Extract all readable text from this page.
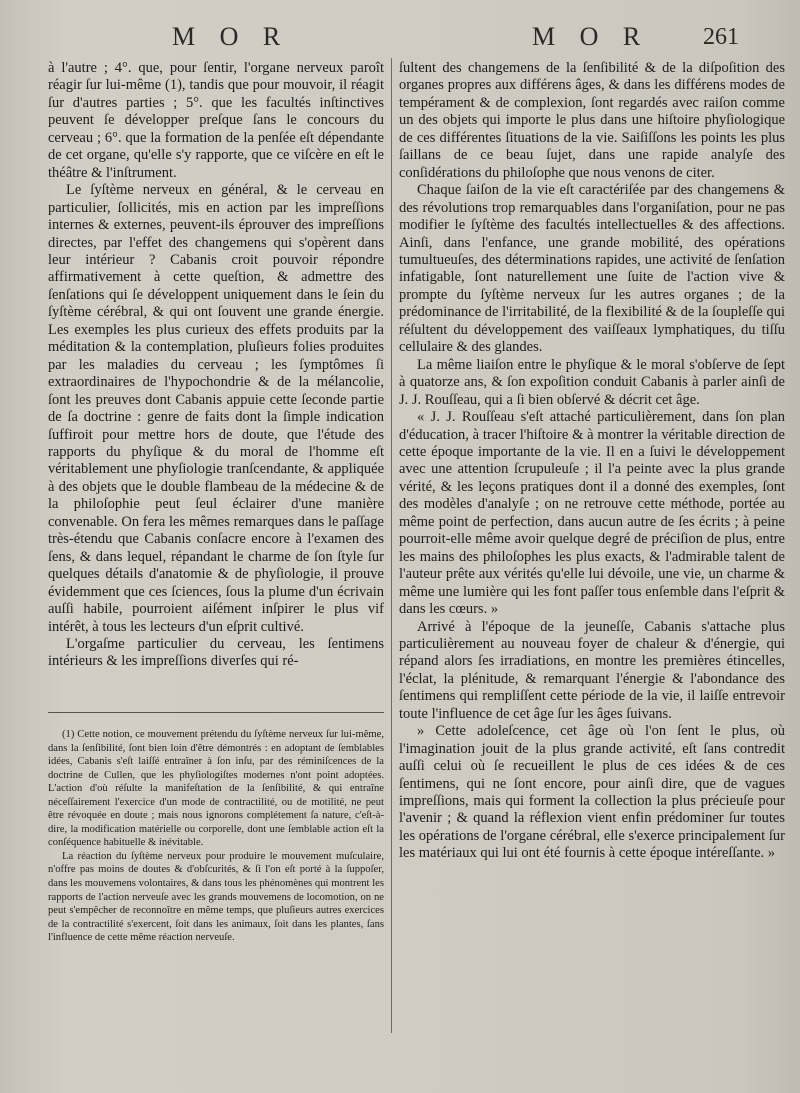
M O R	M O R 261

à l'autre ; 4°. que, pour ſentir, l'organe nerveux paroît réagir ſur lui-même (1), tandis que pour mouvoir, il réagit ſur d'autres parties ; 5°. que les facultés inſtinctives peuvent ſe développer preſque ſans le concours du cerveau ; 6°. que la formation de la penſée eſt dépendante de cet organe, qu'elle s'y rapporte, que ce viſcère en eſt le théâtre & l'inſtrument.

Le ſyſtème nerveux en général, & le cerveau en particulier, ſollicités, mis en action par les impreſſions internes & externes, peuvent-ils éprouver des impreſſions directes, par l'effet des changemens qui s'opèrent dans leur intérieur ? Cabanis croit pouvoir répondre affirmativement à cette queſtion, & admettre des ſenſations qui ſe développent uniquement dans le ſein du ſyſtème cérébral, & qui ont ſouvent une grande énergie. Les exemples les plus curieux des effets produits par la méditation & la contemplation, pluſieurs folies produites par les maladies du cerveau ; les ſymptômes ſi extraordinaires de l'hypochondrie & de la mélancolie, ſont les preuves dont Cabanis appuie cette ſeconde partie de ſa doctrine : genre de faits dont la ſimple indication ſuffiroit pour mettre hors de doute, que l'étude des rapports du phyſique & du moral de l'homme eſt véritablement une phyſiologie tranſcendante, & appliquée à des objets que le double flambeau de la médecine & de la philoſophie peut ſeul éclairer d'une manière convenable. On fera les mêmes remarques dans le paſſage très-étendu que Cabanis conſacre encore à l'examen des ſens, & dans lequel, répandant le charme de ſon ſtyle ſur quelques détails d'anatomie & de phyſiologie, il prouve évidemment que ces ſciences, ſous la plume d'un écrivain auſſi habile, pourroient aiſément inſpirer le plus vif intérêt, à tous les lecteurs d'un eſprit cultivé.

L'orgaſme particulier du cerveau, les ſentimens intérieurs & les impreſſions diverſes qui ré-

(1) Cette notion, ce mouvement prétendu du ſyſtème nerveux ſur lui-même, dans la ſenſibilité, ſont bien loin d'être démontrés : en adoptant de ſemblables idées, Cabanis s'eſt laiſſé entraîner à ſon inſu, par des réminiſcences de la doctrine de Cullen, que les phyſiologiſtes modernes n'ont point adoptées. L'action d'où réſulte la manifeſtation de la ſenſibilité, & qui entraîne néceſſairement l'exercice d'un mode de contractilité, ou de motilité, ne peut être révoquée en doute ; mais nous ignorons complétement ſa nature, c'eſt-à-dire, la modification matérielle ou corporelle, dont une ſemblable action eſt la conſéquence habituelle & inévitable.

La réaction du ſyſtème nerveux pour produire le mouvement muſculaire, n'offre pas moins de doutes & d'obſcurités, & ſi l'on eſt porté à la ſuppoſer, dans les mouvemens volontaires, & dans tous les phénomènes qui montrent les rapports de l'action nerveuſe avec les grands mouvemens de locomotion, on ne peut s'empêcher de reconnoître en même temps, que pluſieurs autres exercices de la contractilité s'exercent, ſoit dans les animaux, ſoit dans les plantes, ſans l'influence de cette même réaction nerveuſe.

ſultent des changemens de la ſenſibilité & de la diſpoſition des organes propres aux différens âges, & dans les différens modes de tempérament & de complexion, ſont regardés avec raiſon comme un des objets qui importe le plus dans une hiſtoire phyſiologique de ces différentes ſituations de la vie. Saiſiſſons les points les plus ſaillans de ce beau ſujet, dans une rapide analyſe des conſidérations du philoſophe que nous venons de citer.

Chaque ſaiſon de la vie eſt caractériſée par des changemens & des révolutions trop remarquables dans l'organiſation, pour ne pas modifier le ſyſtème des facultés intellectuelles & des affections. Ainſi, dans l'enfance, une grande mobilité, des opérations tumultueuſes, des déterminations rapides, une activité de ſenſation infatigable, ſont naturellement une ſuite de l'action vive & prompte du ſyſtème nerveux ſur les autres organes ; de la prédominance de l'irritabilité, de la flexibilité & de la ſoupleſſe qui réſultent du développement des vaiſſeaux lymphatiques, du tiſſu cellulaire & des glandes.

La même liaiſon entre le phyſique & le moral s'obſerve de ſept à quatorze ans, & ſon expoſition conduit Cabanis à parler ainſi de J. J. Rouſſeau, qui a ſi bien obſervé & décrit cet âge.

« J. J. Rouſſeau s'eſt attaché particulièrement, dans ſon plan d'éducation, à tracer l'hiſtoire & à montrer la véritable direction de cette époque importante de la vie. Il en a ſuivi le développement avec une attention ſcrupuleuſe ; il l'a peinte avec la plus grande vérité, & les leçons pratiques dont il a donné des exemples, ſont des modèles d'analyſe ; on ne retrouve cette méthode, portée au même point de perfection, dans aucun autre de ſes écrits ; à peine pourroit-elle même avoir quelque degré de préciſion de plus, entre les mains des philoſophes les plus exacts, & l'admirable talent de l'auteur prête aux vérités qu'elle lui dévoile, une vie, un charme & même une lumière qui les font paſſer tous enſemble dans l'eſprit & dans les cœurs. »

Arrivé à l'époque de la jeuneſſe, Cabanis s'attache plus particulièrement au nouveau foyer de chaleur & d'énergie, qui répand alors ſes irradiations, en montre les premières étincelles, l'éclat, la plénitude, & remarquant l'énergie & l'abondance des ſentimens qui rempliſſent cette période de la vie, il laiſſe entrevoir toute l'influence de cet âge ſur les âges ſuivans.

» Cette adoleſcence, cet âge où l'on ſent le plus, où l'imagination jouit de la plus grande activité, eſt ſans contredit auſſi celui où ſe recueillent le plus de ces idées & de ces ſentimens, qui ne ſont encore, pour ainſi dire, que de vagues impreſſions, mais qui forment la collection la plus précieuſe pour l'avenir ; & quand la réflexion vient enfin prédominer ſur toutes les opérations de l'organe cérébral, elle s'exerce principalement ſur les matériaux qui lui ont été fournis à cette époque intéreſſante. »
